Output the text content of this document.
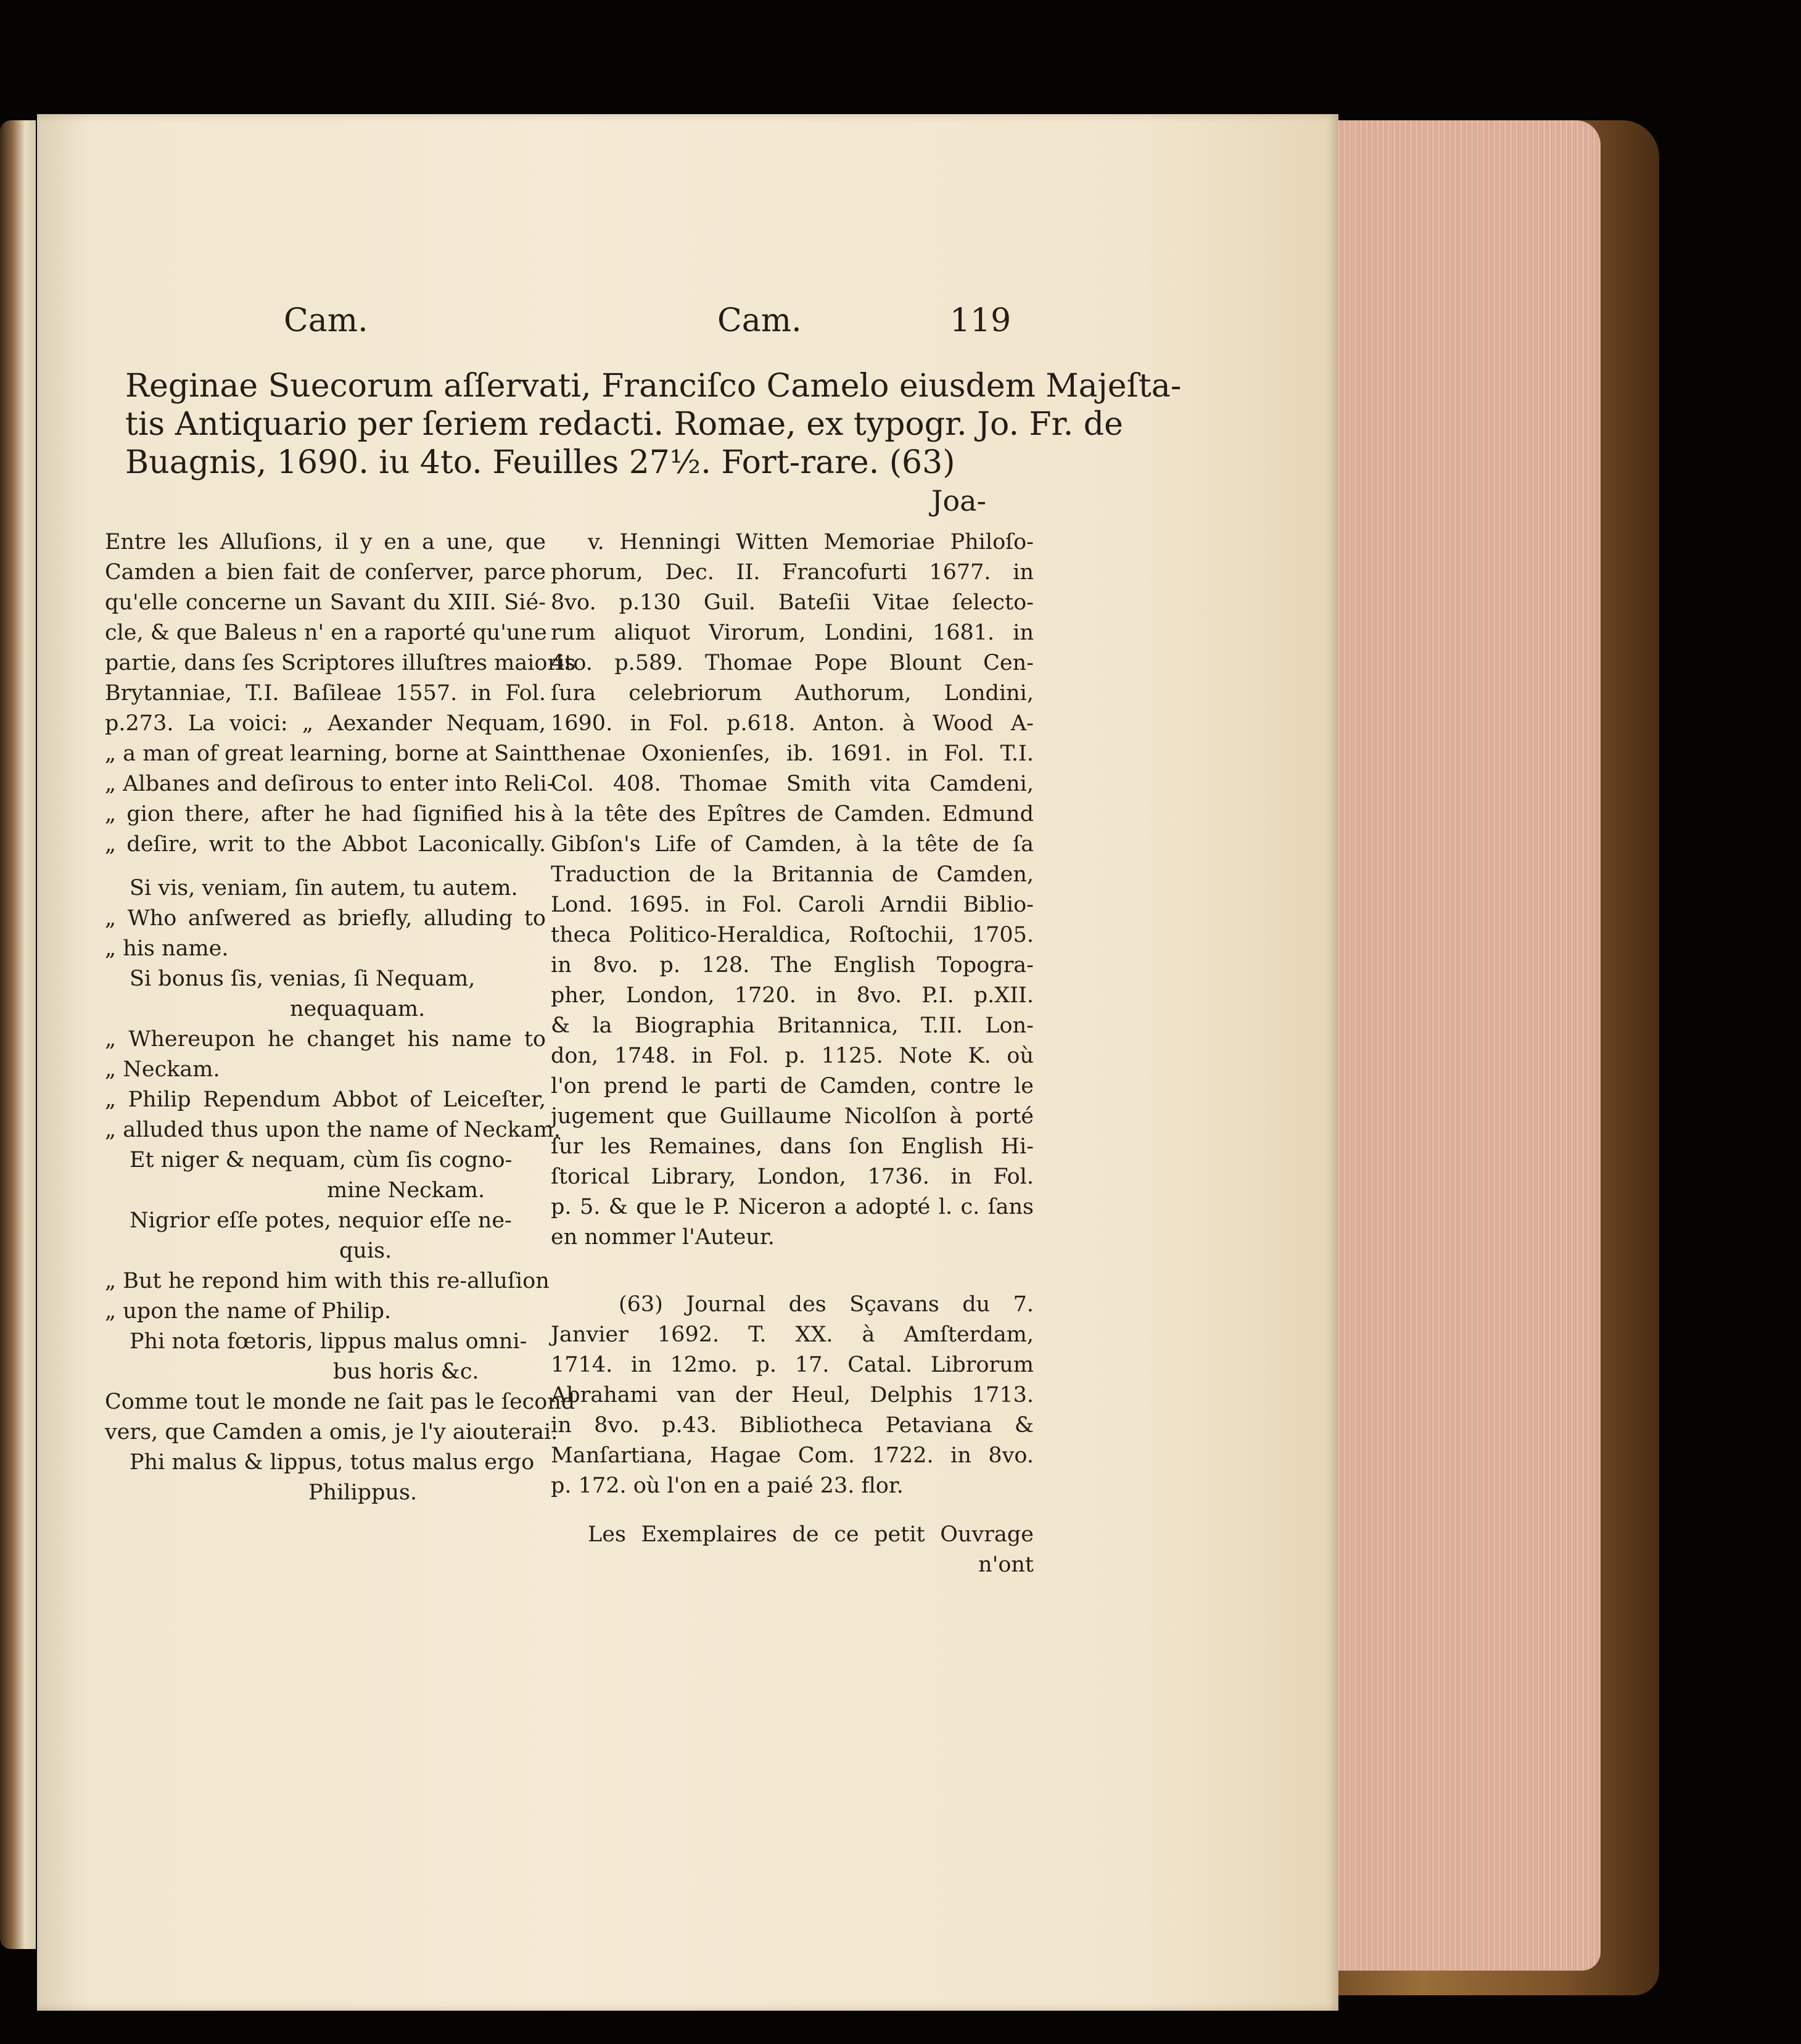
Cam.	Cam.	119
Reginae Suecorum aſſervati, Franciſco Camelo eiusdem Majeſta-
tis Antiquario per ſeriem redacti. Romae, ex typogr. Jo. Fr. de
Buagnis, 1690. iu 4to. Feuilles 27½. Fort-rare. (63)
Joa-

Entre les Alluſions, il y en a une, que
Camden a bien fait de conſerver, parce
qu'elle concerne un Savant du XIII. Sié-
cle, & que Baleus n' en a raporté qu'une
partie, dans ſes Scriptores illuſtres maioris
Brytanniae, T.I. Baſileae 1557. in Fol.
p.273. La voici: „ Aexander Nequam,
„ a man of great learning, borne at Saint
„ Albanes and deſirous to enter into Reli-
„ gion there, after he had ſignified his
„ deſire, writ to the Abbot Laconically.

Si vis, veniam, ſin autem, tu autem.

„ Who anſwered as briefly, alluding to
„ his name.

Si bonus ſis, venias, ſi Nequam,
nequaquam.

„ Whereupon he changet his name to
„ Neckam.

„ Philip Rependum Abbot of Leiceſter,
„ alluded thus upon the name of Neckam.

Et niger & nequam, cùm ſis cogno-
mine Neckam.

Nigrior eſſe potes, nequior eſſe ne-
quis.

„ But he repond him with this re-alluſion
„ upon the name of Philip.

Phi nota fœtoris, lippus malus omni-
bus horis &c.

Comme tout le monde ne ſait pas le ſecond
vers, que Camden a omis, je l'y aiouterai.

Phi malus & lippus, totus malus ergo
Philippus.

v. Henningi Witten Memoriae Philoſo-
phorum, Dec. II. Francofurti 1677. in
8vo. p.130 Guil. Bateſii Vitae ſelecto-
rum aliquot Virorum, Londini, 1681. in
4to. p.589. Thomae Pope Blount Cen-
ſura celebriorum Authorum, Londini,
1690. in Fol. p.618. Anton. à Wood A-
thenae Oxonienſes, ib. 1691. in Fol. T.I.
Col. 408. Thomae Smith vita Camdeni,
à la tête des Epîtres de Camden. Edmund
Gibſon's Life of Camden, à la tête de ſa
Traduction de la Britannia de Camden,
Lond. 1695. in Fol. Caroli Arndii Biblio-
theca Politico-Heraldica, Roſtochii, 1705.
in 8vo. p. 128. The English Topogra-
pher, London, 1720. in 8vo. P.I. p.XII.
& la Biographia Britannica, T.II. Lon-
don, 1748. in Fol. p. 1125. Note K. où
l'on prend le parti de Camden, contre le
jugement que Guillaume Nicolſon à porté
ſur les Remaines, dans ſon English Hi-
ſtorical Library, London, 1736. in Fol.
p. 5. & que le P. Niceron a adopté l. c. ſans
en nommer l'Auteur.

(63) Journal des Sçavans du 7.
Janvier 1692. T. XX. à Amſterdam,
1714. in 12mo. p. 17. Catal. Librorum
Abrahami van der Heul, Delphis 1713.
in 8vo. p.43. Bibliotheca Petaviana &
Manſartiana, Hagae Com. 1722. in 8vo.
p. 172. où l'on en a paié 23. flor.

Les Exemplaires de ce petit Ouvrage
n'ont
